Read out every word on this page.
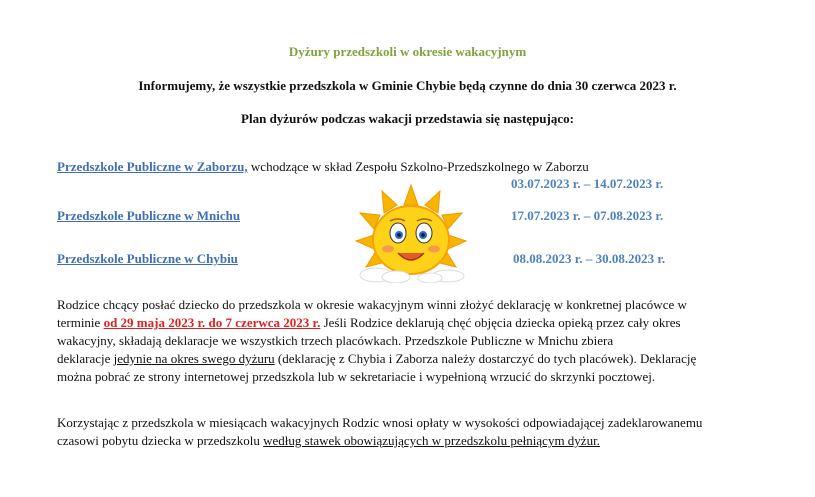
Dyżury przedszkoli w okresie wakacyjnym
Informujemy, że wszystkie przedszkola w Gminie Chybie będą czynne do dnia 30 czerwca 2023 r.
Plan dyżurów podczas wakacji przedstawia się następująco:
Przedszkole Publiczne w Zaborzu, wchodzące w skład Zespołu Szkolno-Przedszkolnego w Zaborzu
03.07.2023 r. – 14.07.2023 r.
Przedszkole Publiczne w Mnichu	17.07.2023 r. – 07.08.2023 r.
Przedszkole Publiczne w Chybiu	08.08.2023 r. – 30.08.2023 r.
Rodzice chcący posłać dziecko do przedszkola w okresie wakacyjnym winni złożyć deklarację w konkretnej placówce w
terminie od 29 maja 2023 r. do 7 czerwca 2023 r. Jeśli Rodzice deklarują chęć objęcia dziecka opieką przez cały okres
wakacyjny, składają deklaracje we wszystkich trzech placówkach. Przedszkole Publiczne w Mnichu zbiera
deklaracje jedynie na okres swego dyżuru (deklarację z Chybia i Zaborza należy dostarczyć do tych placówek). Deklarację
można pobrać ze strony internetowej przedszkola lub w sekretariacie i wypełnioną wrzucić do skrzynki pocztowej.
Korzystając z przedszkola w miesiącach wakacyjnych Rodzic wnosi opłaty w wysokości odpowiadającej zadeklarowanemu
czasowi pobytu dziecka w przedszkolu według stawek obowiązujących w przedszkolu pełniącym dyżur.
